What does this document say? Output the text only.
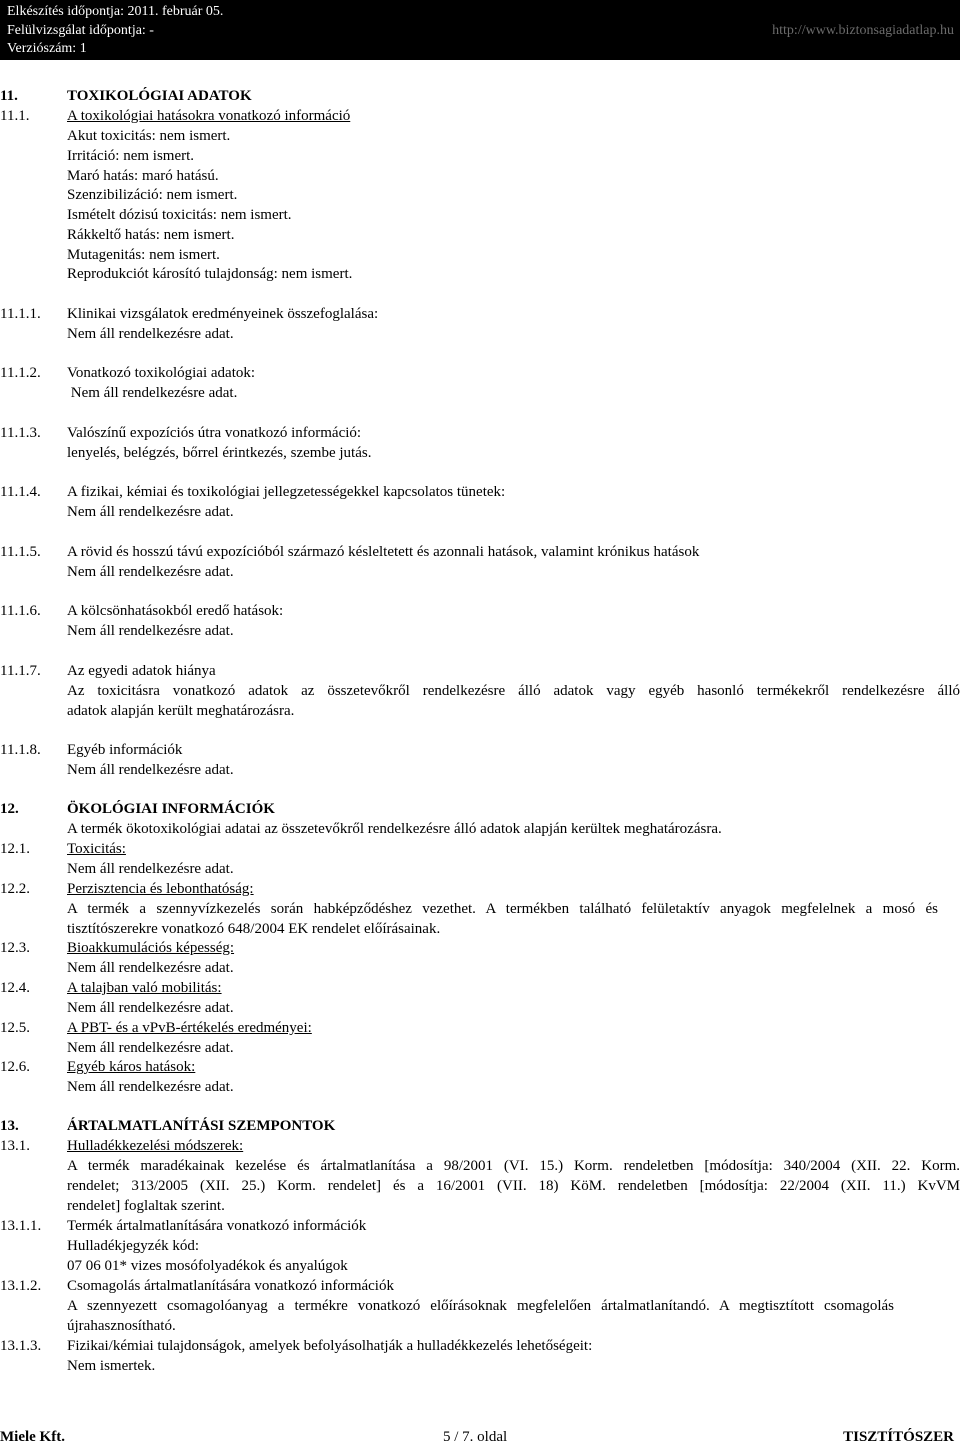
Elkészítés időpontja: 2011. február 05.
Felülvizsgálat időpontja: -
Verziószám: 1
http://www.biztonsagiadatlap.hu
11.	TOXIKOLÓGIAI ADATOK
11.1.	A toxikológiai hatásokra vonatkozó információ
Akut toxicitás: nem ismert.
Irritáció: nem ismert.
Maró hatás: maró hatású.
Szenzibilizáció: nem ismert.
Ismételt dózisú toxicitás: nem ismert.
Rákkeltő hatás: nem ismert.
Mutagenitás: nem ismert.
Reprodukciót károsító tulajdonság: nem ismert.
11.1.1. Klinikai vizsgálatok eredményeinek összefoglalása:
Nem áll rendelkezésre adat.
11.1.2. Vonatkozó toxikológiai adatok:
Nem áll rendelkezésre adat.
11.1.3. Valószínű expozíciós útra vonatkozó információ:
lenyelés, belégzés, bőrrel érintkezés, szembe jutás.
11.1.4. A fizikai, kémiai és toxikológiai jellegzetességekkel kapcsolatos tünetek:
Nem áll rendelkezésre adat.
11.1.5. A rövid és hosszú távú expozícióból származó késleltetett és azonnali hatások, valamint krónikus hatások
Nem áll rendelkezésre adat.
11.1.6. A kölcsönhatásokból eredő hatások:
Nem áll rendelkezésre adat.
11.1.7. Az egyedi adatok hiánya
Az toxicitásra vonatkozó adatok az összetevőkről rendelkezésre álló adatok vagy egyéb hasonló termékekről rendelkezésre álló
adatok alapján került meghatározásra.
11.1.8. Egyéb információk
Nem áll rendelkezésre adat.
12.	ÖKOLÓGIAI INFORMÁCIÓK
A termék ökotoxikológiai adatai az összetevőkről rendelkezésre álló adatok alapján kerültek meghatározásra.
12.1. Toxicitás:
Nem áll rendelkezésre adat.
12.2. Perzisztencia és lebonthatóság:
A termék a szennyvízkezelés során habképződéshez vezethet. A termékben található felületaktív anyagok megfelelnek a mosó és
tisztítószerekre vonatkozó 648/2004 EK rendelet előírásainak.
12.3. Bioakkumulációs képesség:
Nem áll rendelkezésre adat.
12.4. A talajban való mobilitás:
Nem áll rendelkezésre adat.
12.5. A PBT- és a vPvB-értékelés eredményei:
Nem áll rendelkezésre adat.
12.6. Egyéb káros hatások:
Nem áll rendelkezésre adat.
13.	ÁRTALMATLANÍTÁSI SZEMPONTOK
13.1. Hulladékkezelési módszerek:
A termék maradékainak kezelése és ártalmatlanítása a 98/2001 (VI. 15.) Korm. rendeletben [módosítja: 340/2004 (XII. 22. Korm.
rendelet; 313/2005 (XII. 25.) Korm. rendelet] és a 16/2001 (VII. 18) KöM. rendeletben [módosítja: 22/2004 (XII. 11.) KvVM
rendelet] foglaltak szerint.
13.1.1. Termék ártalmatlanítására vonatkozó információk
Hulladékjegyzék kód:
07 06 01* vizes mosófolyadékok és anyalúgok
13.1.2. Csomagolás ártalmatlanítására vonatkozó információk
A szennyezett csomagolóanyag a termékre vonatkozó előírásoknak megfelelően ártalmatlanítandó. A megtisztított csomagolás
újrahasznosítható.
13.1.3. Fizikai/kémiai tulajdonságok, amelyek befolyásolhatják a hulladékkezelés lehetőségeit:
Nem ismertek.
Miele Kft.	5 / 7. oldal	TISZTÍTÓSZER
